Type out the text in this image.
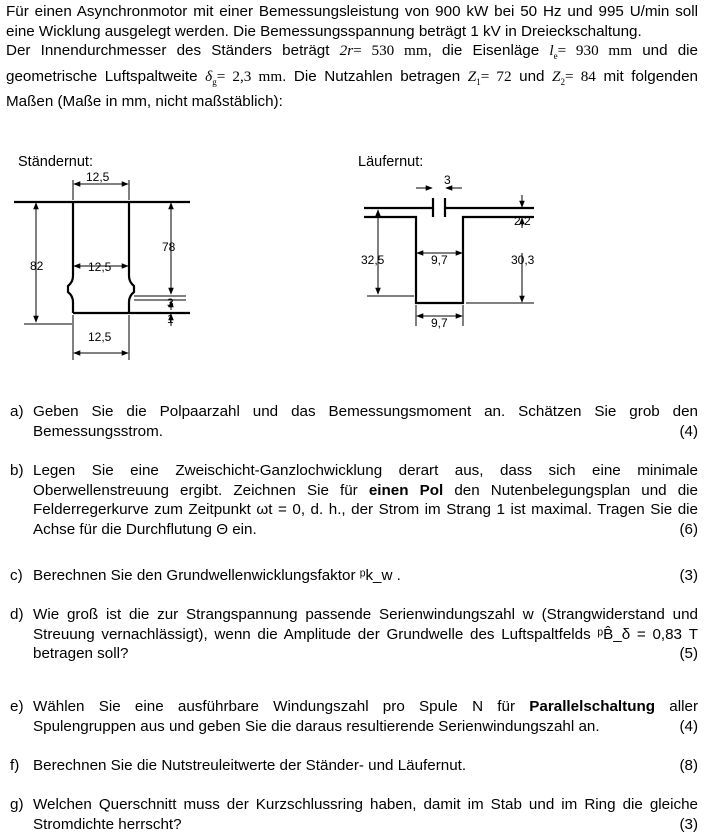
Für einen Asynchronmotor mit einer Bemessungsleistung von 900 kW bei 50 Hz und 995 U/min soll eine Wicklung ausgelegt werden. Die Bemessungsspannung beträgt 1 kV in Dreieckschaltung.

Der Innendurchmesser des Ständers beträgt 2r= 530 mm, die Eisenläge $l_e= 930$ mm und die geometrische Luftspaltweite $\delta_g= 2,3$ mm. Die Nutzahlen betragen $Z_1= 72$ und $Z_2= 84$ mit folgenden Maßen (Maße in mm, nicht maßstäblich):

Ständernut:
12,5
82	12,5
78
3
1
12,5
Läufernut:
3
2,2
32,5	9,7	30,3
9,7
a) Geben Sie die Polpaarzahl und das Bemessungsmoment an. Schätzen Sie grob den Bemessungsstrom.	(4)
b) Legen Sie eine Zweischicht-Ganzlochwicklung derart aus, dass sich eine minimale Oberwellenstreuung ergibt. Zeichnen Sie für einen Pol den Nutenbelegungsplan und die Felderregerkurve zum Zeitpunkt ωt = 0, d. h., der Strom im Strang 1 ist maximal. Tragen Sie die Achse für die Durchflutung Θ ein.	(6)
c) Berechnen Sie den Grundwellenwicklungsfaktor ᵖk_w .	(3)
d) Wie groß ist die zur Strangspannung passende Serienwindungszahl w (Strangwiderstand und Streuung vernachlässigt), wenn die Amplitude der Grundwelle des Luftspaltfelds ᵖB̂_δ = 0,83 T betragen soll?	(5)
e) Wählen Sie eine ausführbare Windungszahl pro Spule N für Parallelschaltung aller Spulengruppen aus und geben Sie die daraus resultierende Serienwindungszahl an.	(4)
f) Berechnen Sie die Nutstreuleitwerte der Ständer- und Läufernut.	(8)
g) Welchen Querschnitt muss der Kurzschlussring haben, damit im Stab und im Ring die gleiche Stromdichte herrscht?	(3)
